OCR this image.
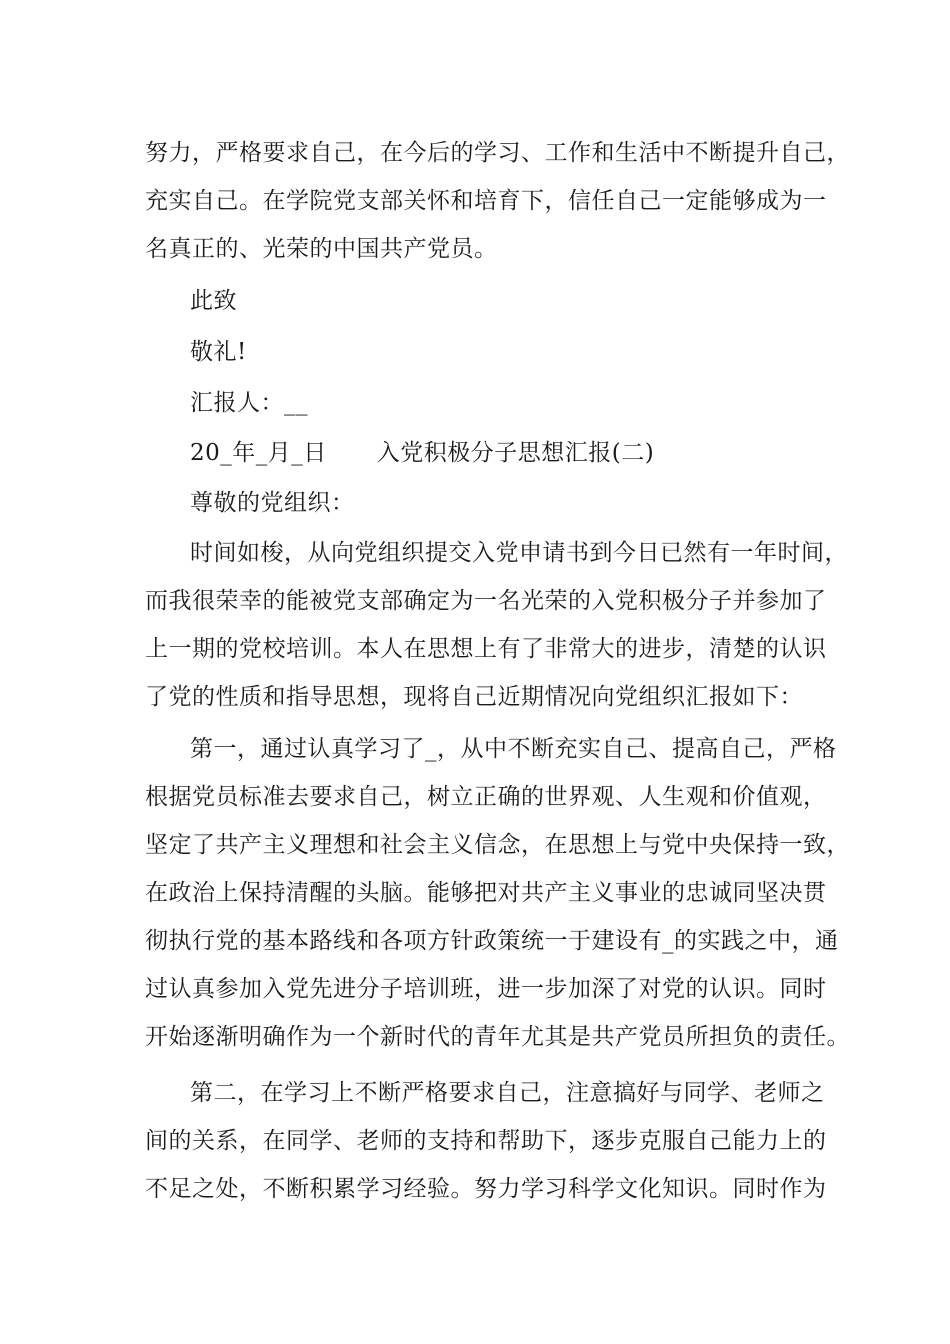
努力，严格要求自己，在今后的学习、工作和生活中不断提升自己，
充实自己。在学院党支部关怀和培育下，信任自己一定能够成为一
名真正的、光荣的中国共产党员。
此致
敬礼!
汇报人：__
20_年_月_日 入党积极分子思想汇报(二)
尊敬的党组织：
时间如梭，从向党组织提交入党申请书到今日已然有一年时间，
而我很荣幸的能被党支部确定为一名光荣的入党积极分子并参加了
上一期的党校培训。本人在思想上有了非常大的进步，清楚的认识
了党的性质和指导思想，现将自己近期情况向党组织汇报如下：
第一，通过认真学习了_，从中不断充实自己、提高自己，严格
根据党员标准去要求自己，树立正确的世界观、人生观和价值观，
坚定了共产主义理想和社会主义信念，在思想上与党中央保持一致，
在政治上保持清醒的头脑。能够把对共产主义事业的忠诚同坚决贯
彻执行党的基本路线和各项方针政策统一于建设有_的实践之中，通
过认真参加入党先进分子培训班，进一步加深了对党的认识。同时
开始逐渐明确作为一个新时代的青年尤其是共产党员所担负的责任。
第二，在学习上不断严格要求自己，注意搞好与同学、老师之
间的关系，在同学、老师的支持和帮助下，逐步克服自己能力上的
不足之处，不断积累学习经验。努力学习科学文化知识。同时作为
